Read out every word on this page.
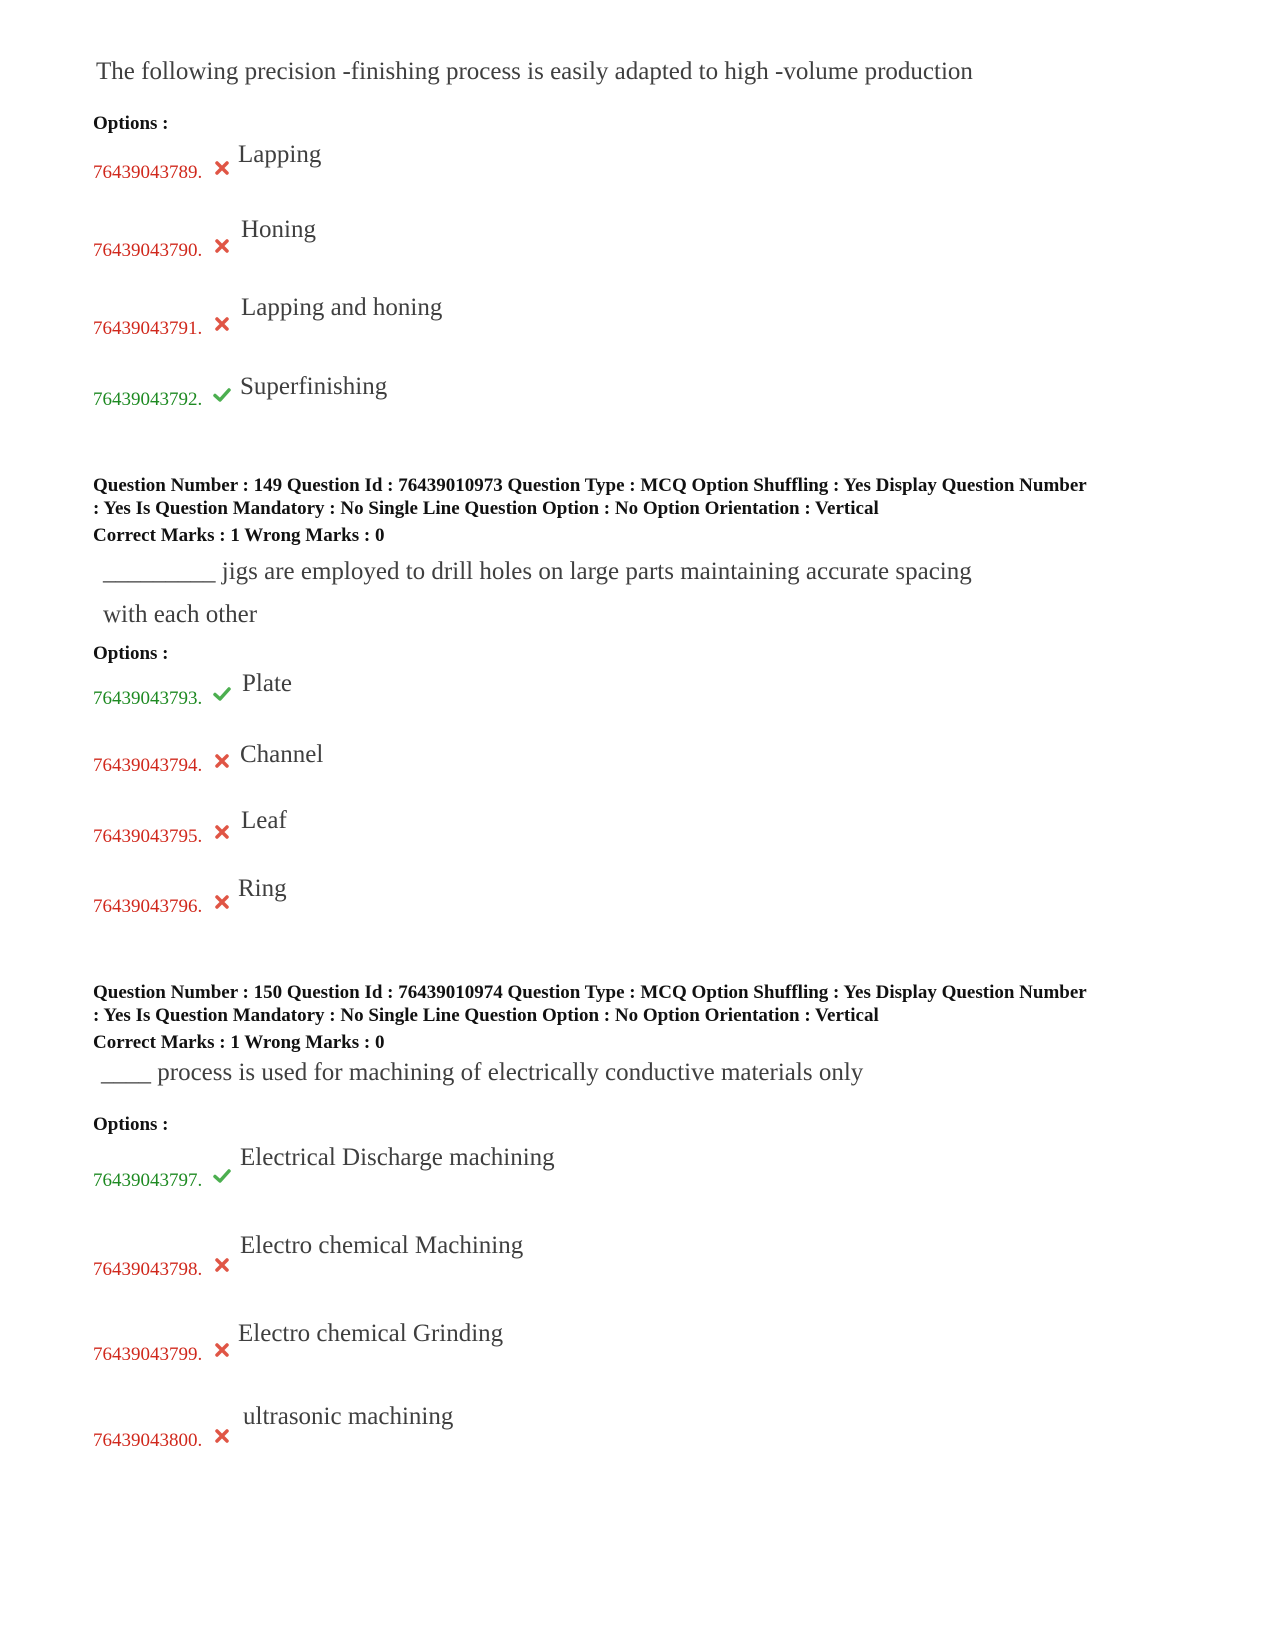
The following precision -finishing process is easily adapted to high -volume production
Options :
76439043789.
Lapping
76439043790.
Honing
76439043791.
Lapping and honing
76439043792. Superfinishing
Question Number : 149 Question Id : 76439010973 Question Type : MCQ Option Shuffling : Yes Display Question Number
: Yes Is Question Mandatory : No Single Line Question Option : No Option Orientation : Vertical
Correct Marks : 1 Wrong Marks : 0
_________ jigs are employed to drill holes on large parts maintaining accurate spacing
with each other
Options :
76439043793.
Plate
76439043794. Channel
76439043795.
Leaf
76439043796.
Ring
Question Number : 150 Question Id : 76439010974 Question Type : MCQ Option Shuffling : Yes Display Question Number
: Yes Is Question Mandatory : No Single Line Question Option : No Option Orientation : Vertical
Correct Marks : 1 Wrong Marks : 0
____ process is used for machining of electrically conductive materials only
Options :
76439043797.
Electrical Discharge machining
76439043798.
Electro chemical Machining
76439043799.
Electro chemical Grinding
76439043800.
ultrasonic machining
